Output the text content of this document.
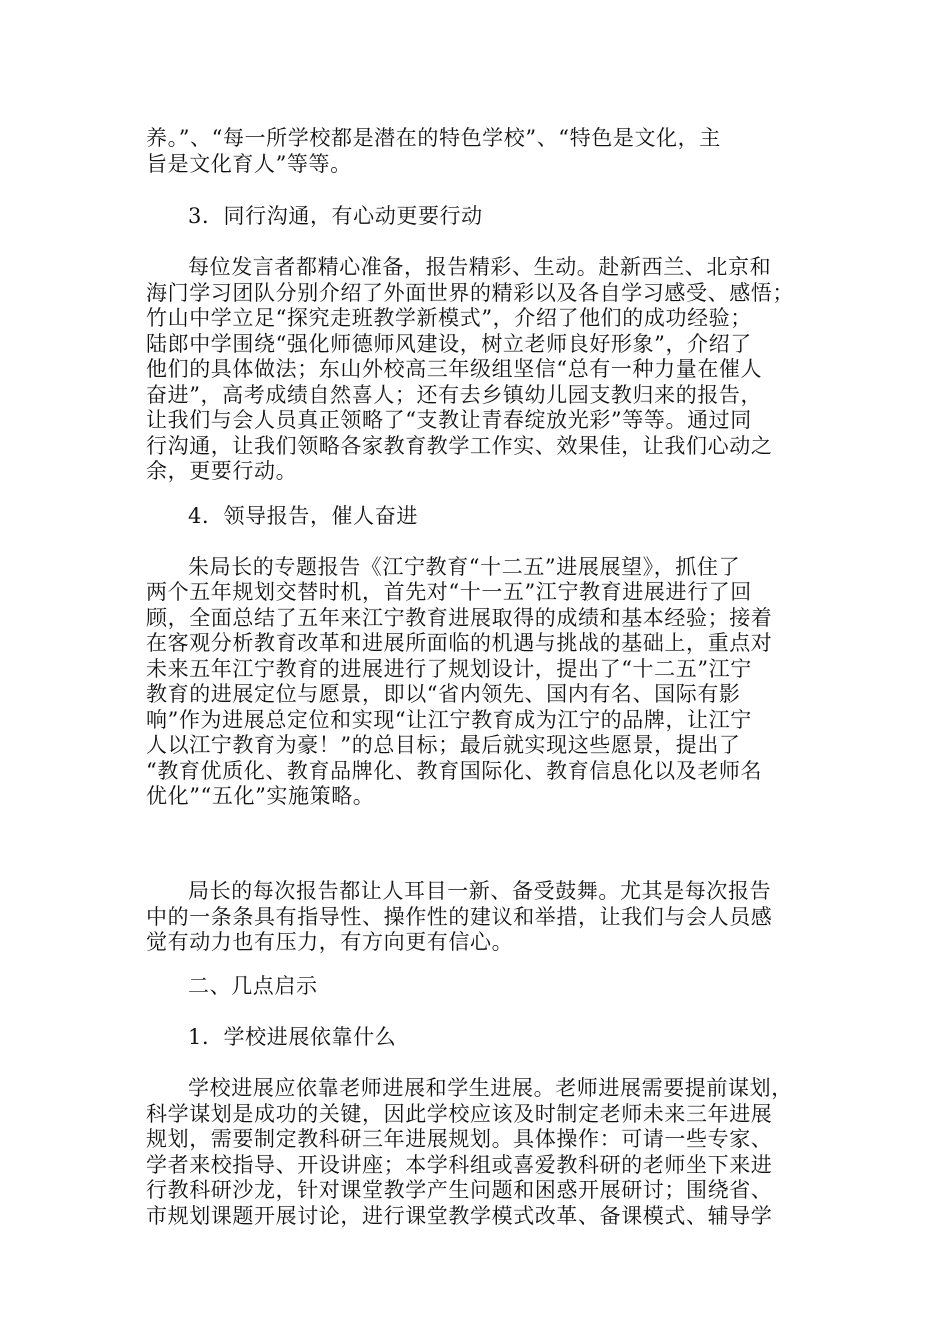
养。”、“每一所学校都是潜在的特色学校”、“特色是文化，主
旨是文化育人”等等。
3．同行沟通，有心动更要行动
每位发言者都精心准备，报告精彩、生动。赴新西兰、北京和
海门学习团队分别介绍了外面世界的精彩以及各自学习感受、感悟；
竹山中学立足“探究走班教学新模式”，介绍了他们的成功经验；
陆郎中学围绕“强化师德师风建设，树立老师良好形象”，介绍了
他们的具体做法；东山外校高三年级组坚信“总有一种力量在催人
奋进”，高考成绩自然喜人；还有去乡镇幼儿园支教归来的报告，
让我们与会人员真正领略了“支教让青春绽放光彩”等等。通过同
行沟通，让我们领略各家教育教学工作实、效果佳，让我们心动之
余，更要行动。
4．领导报告，催人奋进
朱局长的专题报告《江宁教育“十二五”进展展望》，抓住了
两个五年规划交替时机，首先对“十一五”江宁教育进展进行了回
顾，全面总结了五年来江宁教育进展取得的成绩和基本经验；接着
在客观分析教育改革和进展所面临的机遇与挑战的基础上，重点对
未来五年江宁教育的进展进行了规划设计，提出了“十二五”江宁
教育的进展定位与愿景，即以“省内领先、国内有名、国际有影
响”作为进展总定位和实现“让江宁教育成为江宁的品牌，让江宁
人以江宁教育为豪！”的总目标；最后就实现这些愿景，提出了
“教育优质化、教育品牌化、教育国际化、教育信息化以及老师名
优化”“五化”实施策略。
局长的每次报告都让人耳目一新、备受鼓舞。尤其是每次报告
中的一条条具有指导性、操作性的建议和举措，让我们与会人员感
觉有动力也有压力，有方向更有信心。
二、几点启示
1．学校进展依靠什么
学校进展应依靠老师进展和学生进展。老师进展需要提前谋划，
科学谋划是成功的关键，因此学校应该及时制定老师未来三年进展
规划，需要制定教科研三年进展规划。具体操作：可请一些专家、
学者来校指导、开设讲座；本学科组或喜爱教科研的老师坐下来进
行教科研沙龙，针对课堂教学产生问题和困惑开展研讨；围绕省、
市规划课题开展讨论，进行课堂教学模式改革、备课模式、辅导学
